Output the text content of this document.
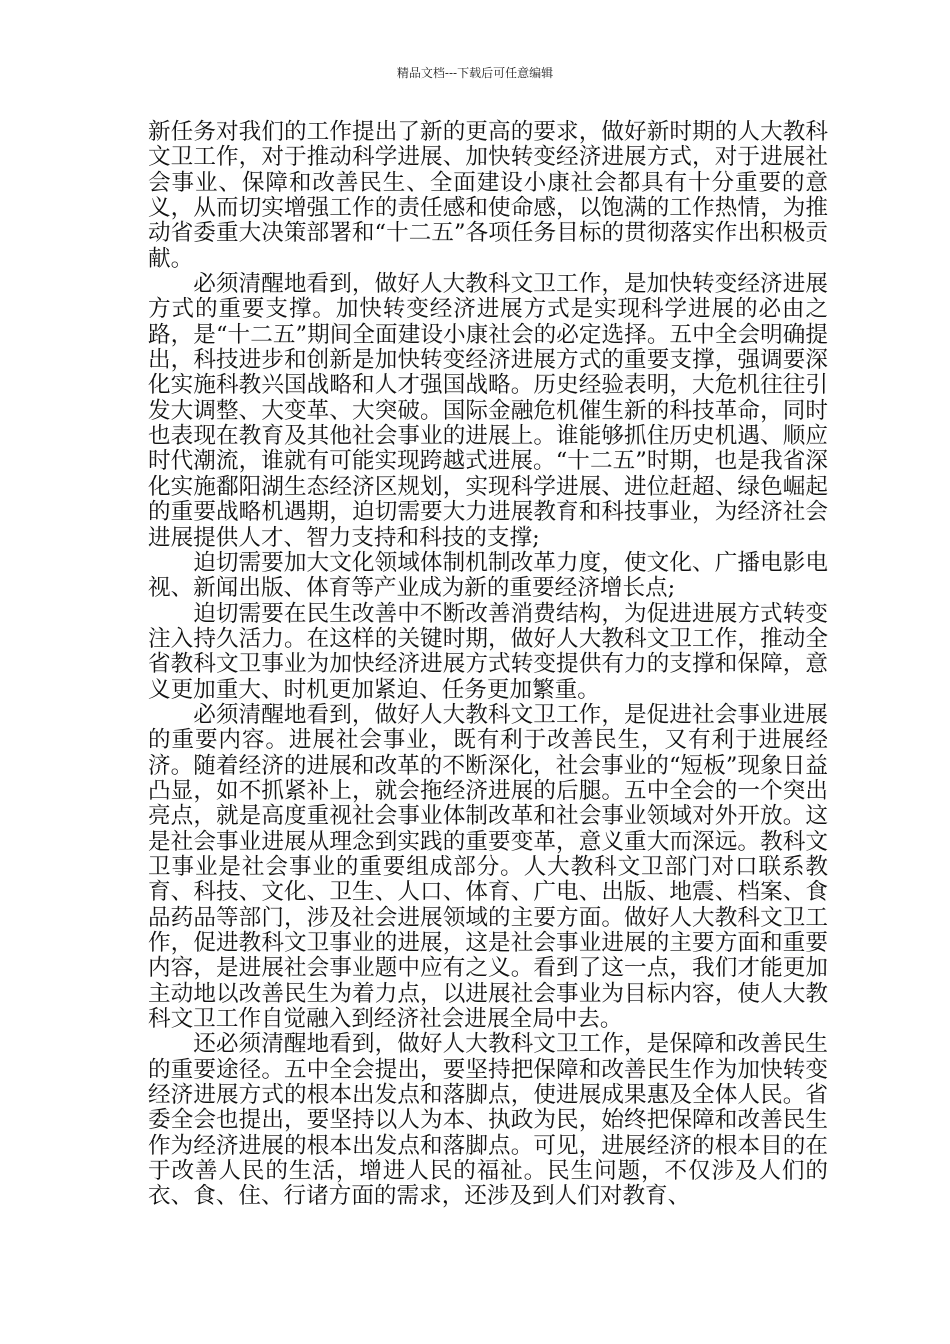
精品文档---下载后可任意编辑

新任务对我们的工作提出了新的更高的要求，做好新时期的人大教科文卫工作，对于推动科学进展、加快转变经济进展方式，对于进展社会事业、保障和改善民生、全面建设小康社会都具有十分重要的意义，从而切实增强工作的责任感和使命感，以饱满的工作热情，为推动省委重大决策部署和“十二五”各项任务目标的贯彻落实作出积极贡献。

必须清醒地看到，做好人大教科文卫工作，是加快转变经济进展方式的重要支撑。加快转变经济进展方式是实现科学进展的必由之路，是“十二五”期间全面建设小康社会的必定选择。五中全会明确提出，科技进步和创新是加快转变经济进展方式的重要支撑，强调要深化实施科教兴国战略和人才强国战略。历史经验表明，大危机往往引发大调整、大变革、大突破。国际金融危机催生新的科技革命，同时也表现在教育及其他社会事业的进展上。谁能够抓住历史机遇、顺应时代潮流，谁就有可能实现跨越式进展。“十二五”时期，也是我省深化实施鄱阳湖生态经济区规划，实现科学进展、进位赶超、绿色崛起的重要战略机遇期，迫切需要大力进展教育和科技事业，为经济社会进展提供人才、智力支持和科技的支撑;

迫切需要加大文化领域体制机制改革力度，使文化、广播电影电视、新闻出版、体育等产业成为新的重要经济增长点;

迫切需要在民生改善中不断改善消费结构，为促进进展方式转变注入持久活力。在这样的关键时期，做好人大教科文卫工作，推动全省教科文卫事业为加快经济进展方式转变提供有力的支撑和保障，意义更加重大、时机更加紧迫、任务更加繁重。

必须清醒地看到，做好人大教科文卫工作，是促进社会事业进展的重要内容。进展社会事业，既有利于改善民生，又有利于进展经济。随着经济的进展和改革的不断深化，社会事业的“短板”现象日益凸显，如不抓紧补上，就会拖经济进展的后腿。五中全会的一个突出亮点，就是高度重视社会事业体制改革和社会事业领域对外开放。这是社会事业进展从理念到实践的重要变革，意义重大而深远。教科文卫事业是社会事业的重要组成部分。人大教科文卫部门对口联系教育、科技、文化、卫生、人口、体育、广电、出版、地震、档案、食品药品等部门，涉及社会进展领域的主要方面。做好人大教科文卫工作，促进教科文卫事业的进展，这是社会事业进展的主要方面和重要内容，是进展社会事业题中应有之义。看到了这一点，我们才能更加主动地以改善民生为着力点，以进展社会事业为目标内容，使人大教科文卫工作自觉融入到经济社会进展全局中去。

还必须清醒地看到，做好人大教科文卫工作，是保障和改善民生的重要途径。五中全会提出，要坚持把保障和改善民生作为加快转变经济进展方式的根本出发点和落脚点，使进展成果惠及全体人民。省委全会也提出，要坚持以人为本、执政为民，始终把保障和改善民生作为经济进展的根本出发点和落脚点。可见，进展经济的根本目的在于改善人民的生活，增进人民的福祉。民生问题，不仅涉及人们的衣、食、住、行诸方面的需求，还涉及到人们对教育、
